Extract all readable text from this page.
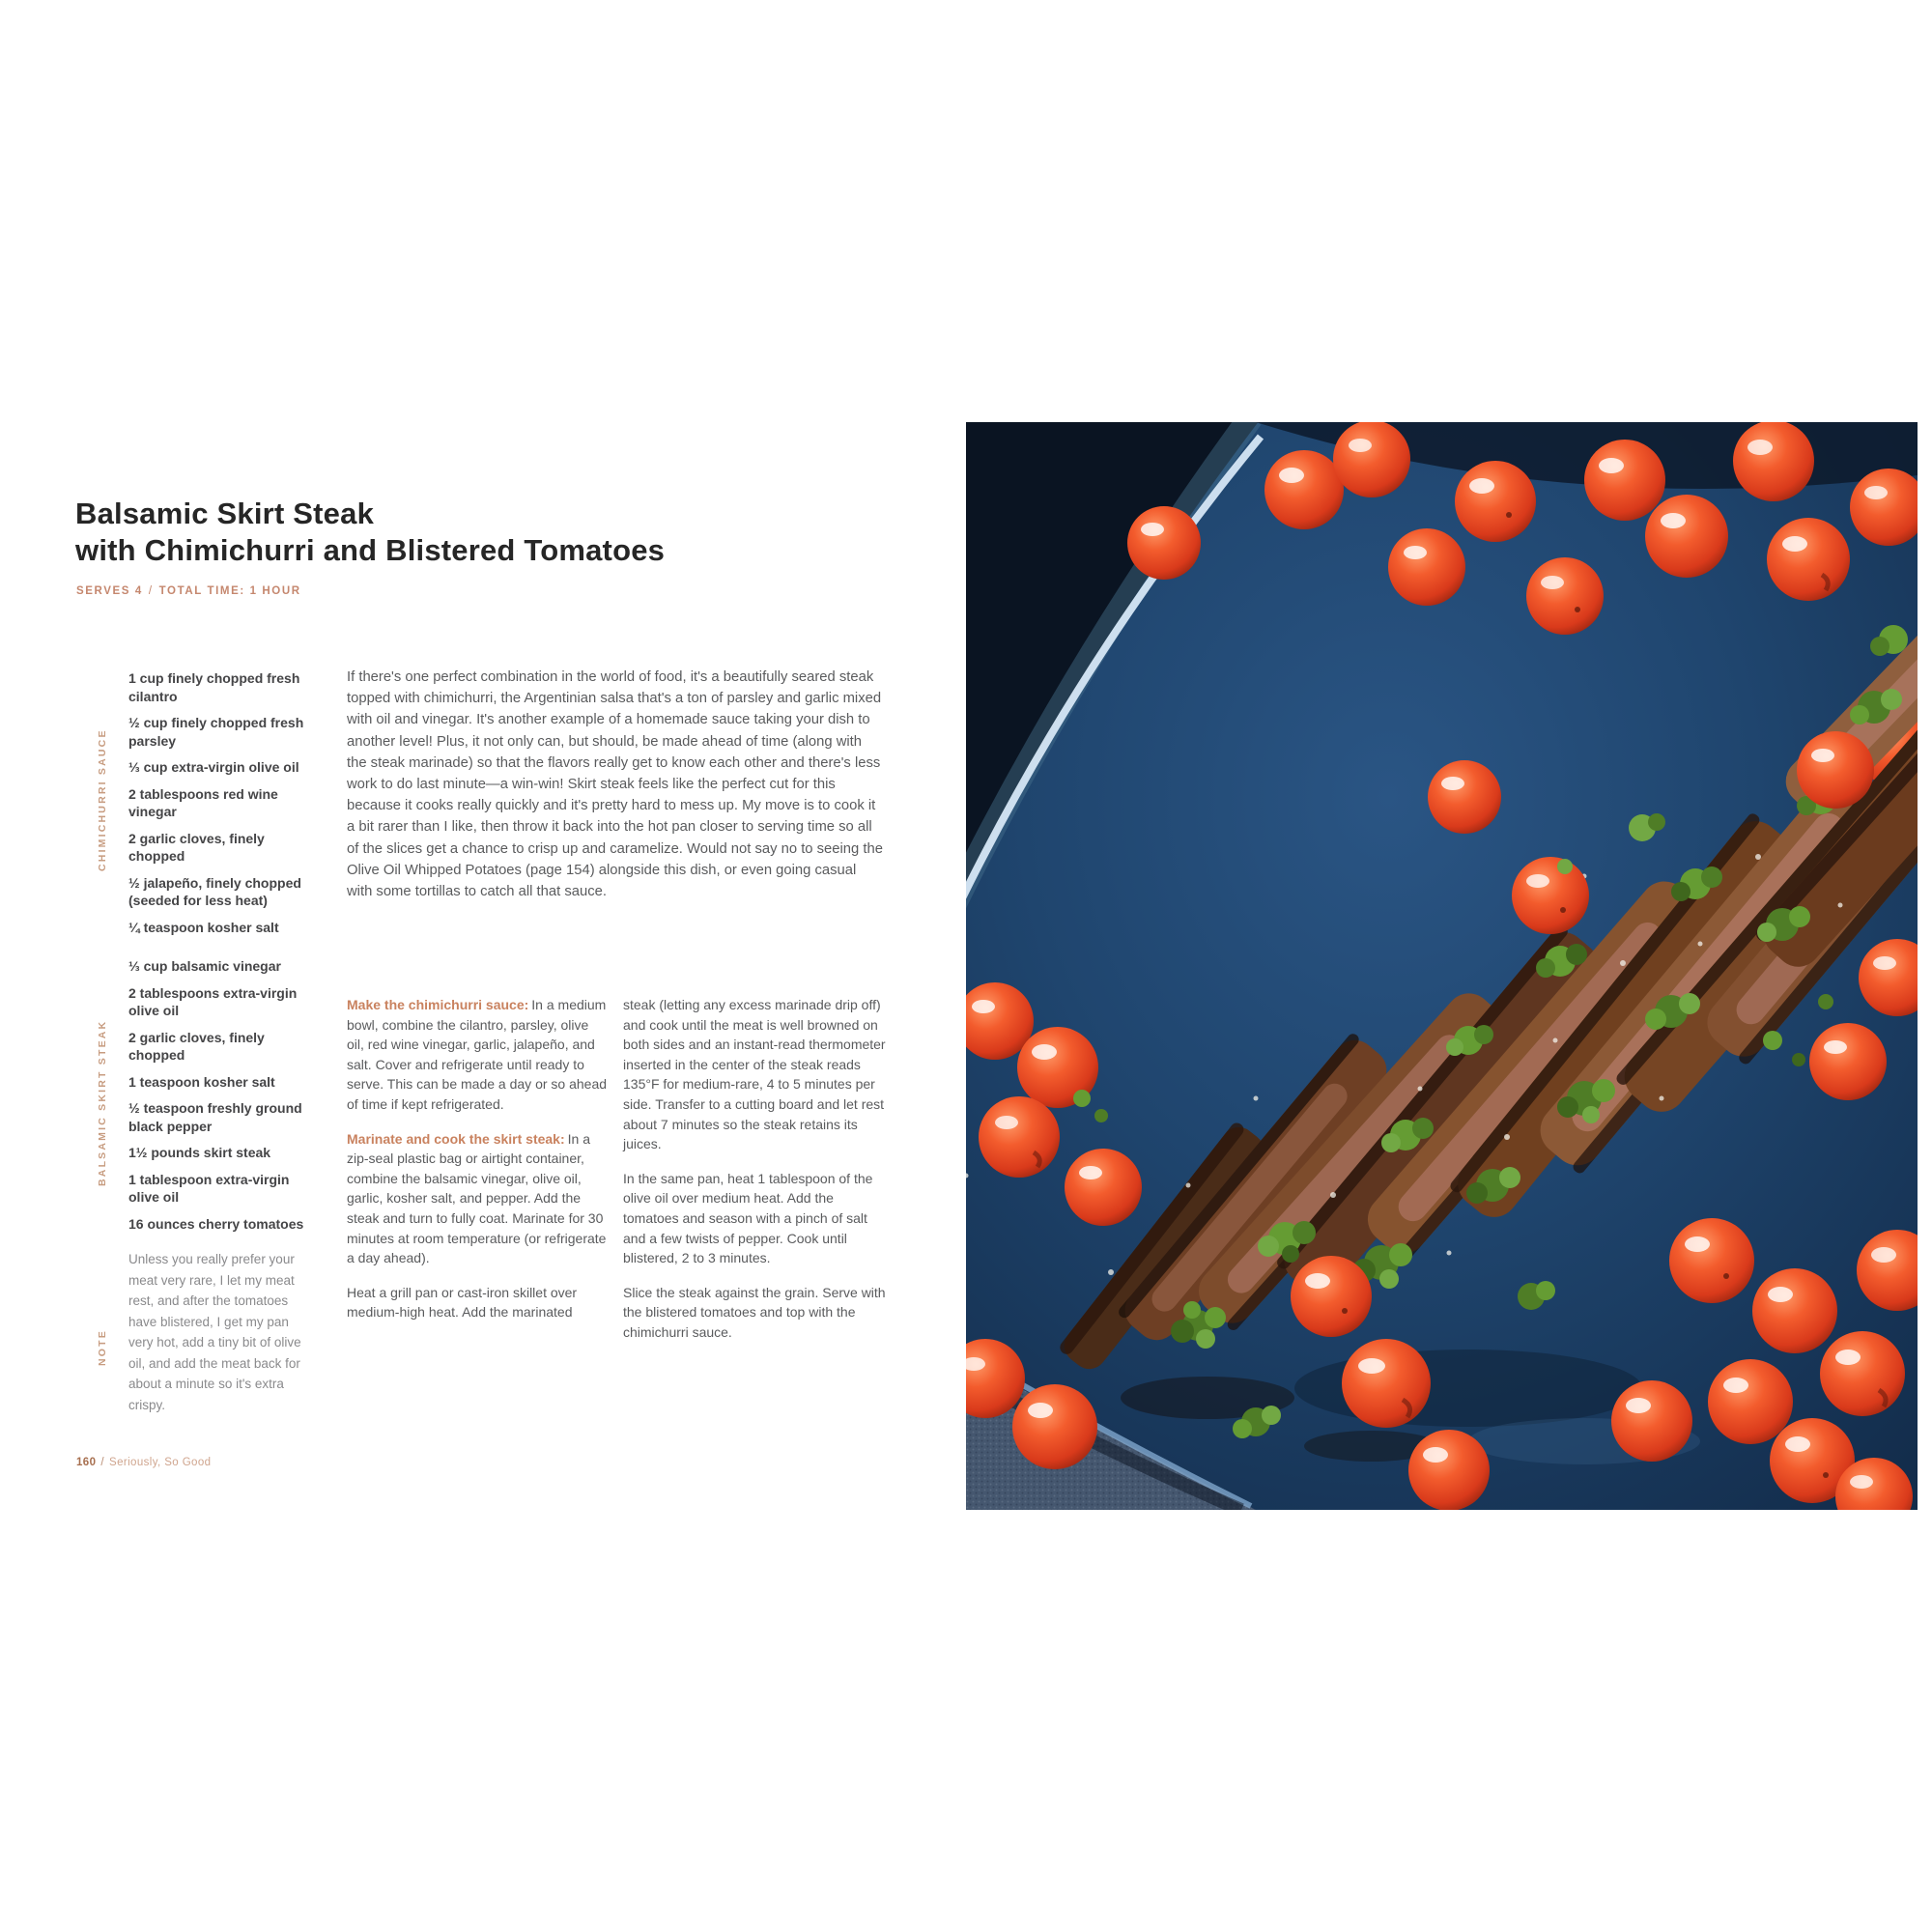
Balsamic Skirt Steak
with Chimichurri and Blistered Tomatoes
SERVES 4 / TOTAL TIME: 1 HOUR
CHIMICHURRI SAUCE

1 cup finely chopped fresh cilantro

½ cup finely chopped fresh parsley

⅓ cup extra-virgin olive oil

2 tablespoons red wine vinegar

2 garlic cloves, finely chopped

½ jalapeño, finely chopped (seeded for less heat)

¼ teaspoon kosher salt

BALSAMIC SKIRT STEAK

⅓ cup balsamic vinegar

2 tablespoons extra-virgin olive oil

2 garlic cloves, finely chopped

1 teaspoon kosher salt

½ teaspoon freshly ground black pepper

1½ pounds skirt steak

1 tablespoon extra-virgin olive oil

16 ounces cherry tomatoes

NOTE
Unless you really prefer your meat very rare, I let my meat rest, and after the tomatoes have blistered, I get my pan very hot, add a tiny bit of olive oil, and add the meat back for about a minute so it's extra crispy.
If there's one perfect combination in the world of food, it's a beautifully seared steak topped with chimichurri, the Argentinian salsa that's a ton of parsley and garlic mixed with oil and vinegar. It's another example of a homemade sauce taking your dish to another level! Plus, it not only can, but should, be made ahead of time (along with the steak marinade) so that the flavors really get to know each other and there's less work to do last minute—a win-win! Skirt steak feels like the perfect cut for this because it cooks really quickly and it's pretty hard to mess up. My move is to cook it a bit rarer than I like, then throw it back into the hot pan closer to serving time so all of the slices get a chance to crisp up and caramelize. Would not say no to seeing the Olive Oil Whipped Potatoes (page 154) alongside this dish, or even going casual with some tortillas to catch all that sauce.

Make the chimichurri sauce: In a medium bowl, combine the cilantro, parsley, olive oil, red wine vinegar, garlic, jalapeño, and salt. Cover and refrigerate until ready to serve. This can be made a day or so ahead of time if kept refrigerated.

Marinate and cook the skirt steak: In a zip-seal plastic bag or airtight container, combine the balsamic vinegar, olive oil, garlic, kosher salt, and pepper. Add the steak and turn to fully coat. Marinate for 30 minutes at room temperature (or refrigerate a day ahead).

Heat a grill pan or cast-iron skillet over medium-high heat. Add the marinated

steak (letting any excess marinade drip off) and cook until the meat is well browned on both sides and an instant-read thermometer inserted in the center of the steak reads 135°F for medium-rare, 4 to 5 minutes per side. Transfer to a cutting board and let rest about 7 minutes so the steak retains its juices.

In the same pan, heat 1 tablespoon of the olive oil over medium heat. Add the tomatoes and season with a pinch of salt and a few twists of pepper. Cook until blistered, 2 to 3 minutes.

Slice the steak against the grain. Serve with the blistered tomatoes and top with the chimichurri sauce.

160 / Seriously, So Good
